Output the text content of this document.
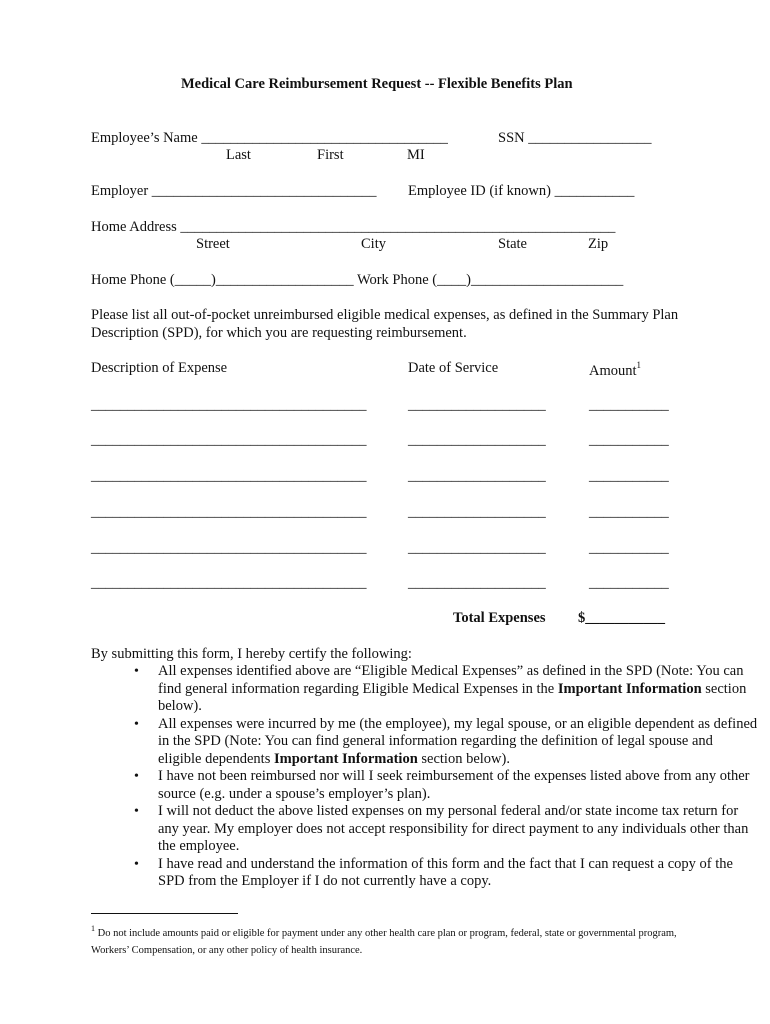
Medical Care Reimbursement Request -- Flexible Benefits Plan
Employee’s Name __________________________________	SSN _________________
Last	First	MI
Employer _______________________________ Employee ID (if known) ___________
Home Address ____________________________________________________________
Street	City	State	Zip
Home Phone (_____)___________________ Work Phone (____)_____________________
Please list all out-of-pocket unreimbursed eligible medical expenses, as defined in the Summary Plan Description (SPD), for which you are requesting reimbursement.
Description of Expense	Date of Service	Amount$^1$
______________________________________	___________________	___________
______________________________________	___________________	___________
______________________________________	___________________	___________
______________________________________	___________________	___________
______________________________________	___________________	___________
______________________________________	___________________	___________
Total Expenses $___________
By submitting this form, I hereby certify the following:
• All expenses identified above are “Eligible Medical Expenses” as defined in the SPD (Note: You can find general information regarding Eligible Medical Expenses in the Important Information section below).
• All expenses were incurred by me (the employee), my legal spouse, or an eligible dependent as defined in the SPD (Note: You can find general information regarding the definition of legal spouse and eligible dependents Important Information section below).
• I have not been reimbursed nor will I seek reimbursement of the expenses listed above from any other source (e.g. under a spouse’s employer’s plan).
• I will not deduct the above listed expenses on my personal federal and/or state income tax return for any year. My employer does not accept responsibility for direct payment to any individuals other than the employee.
• I have read and understand the information of this form and the fact that I can request a copy of the SPD from the Employer if I do not currently have a copy.
$^1$ Do not include amounts paid or eligible for payment under any other health care plan or program, federal, state or governmental program, Workers’ Compensation, or any other policy of health insurance.
